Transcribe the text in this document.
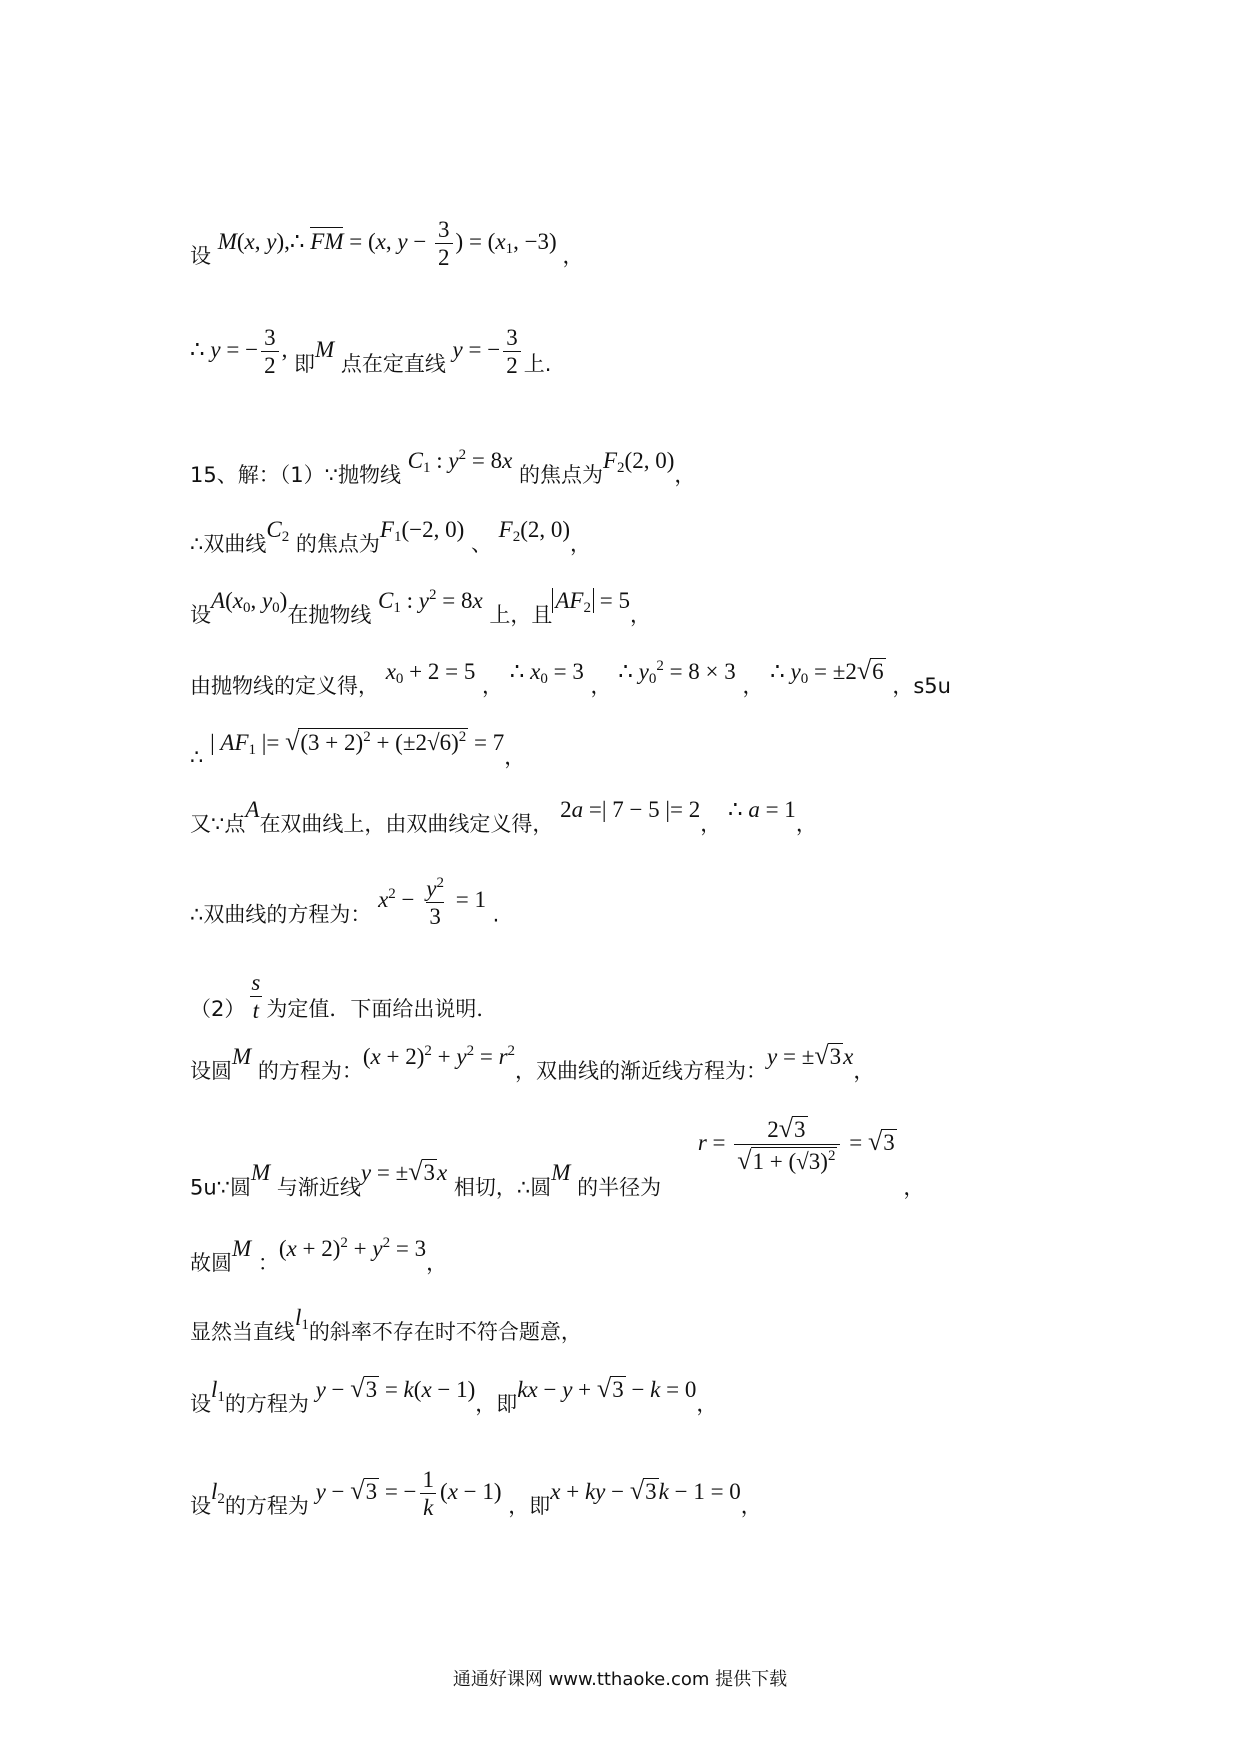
设 M(x, y),∴ FM = (x, $y - \frac{3}{2}$ ) = ($x_1$, −3) ，
∴ y = − $\frac{3}{2}$ , 即M 点在定直线 y = − $\frac{3}{2}$ 上.
15、解：（1）∵抛物线 $C_1$ : $y^2 = 8x$ 的焦点为$F_2(2$, 0)，
∴双曲线$C_2$ 的焦点为$F_1(-2$, 0) 、 $F_2(2$, 0)，
设$A(x_0$, $y_0$)在抛物线 $C_1$ : $y^2 = 8x$ 上，且$AF_2 = 5$，
由抛物线的定义得， $x_0 + 2 = 5$ ， ∴ $x_0 = 3$ ， ∴ $y_0^2 = 8 \times 3$ ， ∴ $y_0 = \pm 2$ √ 6
，s5u
∴ | $AF_1$ |= √ $(3 + 2)^2 + (\pm 2√6)^2 = 7$，
又∵点A在双曲线上，由双曲线定义得， 2a =| 7 − 5 |= 2， ∴ a = 1，
∴双曲线的方程为： $x^2 - \frac{y^2}{3} = 1$ .
$(2) \frac{s}{t}$ 为定值．下面给出说明．
设圆M 的方程为：$(x + 2)^2 + y^2 = r^2$，双曲线的渐近线方程为：y = ± √ 3 x，
5u∵圆M 与渐近线y = ± √ 3 x 相切，∴圆M 的半径为 $r = \frac{2 √ 3}{√ 1 + (√3)^2}$ = √ 3
，
故圆M ：$(x + 2)^2 + y^2 = 3$，
显然当直线$l_1$的斜率不存在时不符合题意，
设$l_1$的方程为 y − √ 3 = k(x − 1)，即kx − y + √ 3 − k = 0，
设$l_2$的方程为 y − √ 3 = − $\frac{1}{k} (x - 1)$ ，即x + ky − √ 3 k − 1 = 0，
通通好课网 www.tthaoke.com 提供下载
